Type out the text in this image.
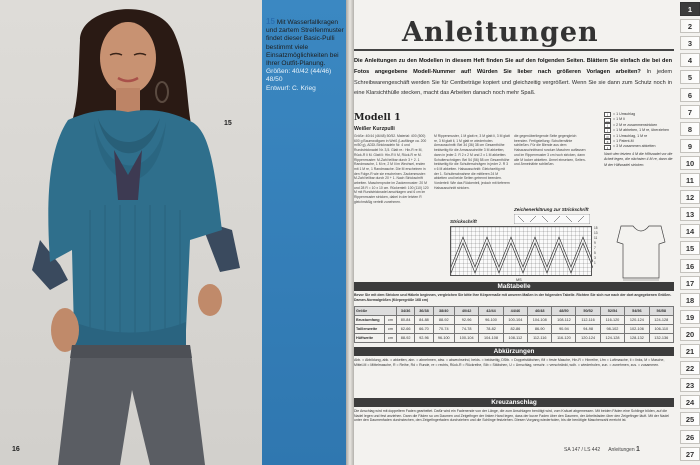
15 Mit Wasserfallkragen und zartem Streifenmuster findet dieser Basic-Pulli bestimmt viele Einsatzmöglichkeiten bei Ihrer Outfit-Planung.
Größen: 40/42 (44/46) 48/50
Entwurf: C. Krieg
15
16
Anleitungen
Die Anleitungen zu den Modellen in diesem Heft finden Sie auf den folgenden Seiten. Blättern Sie einfach die bei den Fotos angegebene Modell-Nummer auf! Würden Sie lieber nach größeren Vorlagen arbeiten? In jedem Schreibwarengeschäft werden Sie für Centbeträge kopiert und gleichzeitig vergrößert. Wenn Sie sie dann zum Schutz noch in eine Klarsichthülle stecken, macht das Arbeiten danach noch mehr Spaß.
Modell 1
Weißer Kurzpulli
Größe: 40/44 (46/48) 50/52. Material: 400 (500) 600 g Baumwollgarn in Weiß (Lauflänge ca. 200 m/50 g), ADDI-Stricknadeln Nr. 4 und Rundstricknadel Nr. 3,5. Glatt re.: Hin-R re M, Rück-R li M. Glatt li: Hin-R li M, Rück-R re M. Rippenmuster: M-Zahl teilbar durch 3 + 2. 1 Randmasche, 1 M re, 2 M li im Wechsel, enden mit 1 M re, 1 Randmasche. Die M erscheinen in den Folge-R wie sie erscheinen. Zackenmuster: M-Zahl teilbar durch 20 + 1. Nach Strickschrift arbeiten. Maschenprobe im Zackenmuster: 20 M und 28 R = 10 x 10 cm. Rückenteil: 100 (110) 120 M mit Rundstricknadel anschlagen und 6 cm im Rippenmuster stricken, dabei in der letzten R gleichmäßig verteilt zunehmen.
M Rippenmuster, 1 M glatt re, 3 M glatt li, 3 M glatt re, 3 M glatt li, 1 M glatt re wiederholen. Armausschnitt: Bei 34 (36) 38 cm Gesamthöhe beidseitig für die Armausschnitte 3 M abketten, dann in jeder 2. R 2 x 2 M und 2 x 1 M abketten. Schulterschrägen: Bei 54 (56) 58 cm Gesamthöhe beidseitig für die Schulterschrägen in jeder 2. R 3 x 6 M abketten. Halsausschnitt: Gleichzeitig mit der 1. Schulterabnahme die mittleren 24 M abketten und beide Seiten getrennt beenden. Vorderteil: Wie das Rückenteil, jedoch mit tieferem Halsausschnitt stricken.
die gegenüberliegende Seite gegengleich beenden. Fertigstellung: Schulternähte schließen. Für die Blende aus dem Halsausschnittrand rundum Maschen auffassen und im Rippenmuster 3 cm hoch stricken, dann alle M locker abketten. Ärmel einsetzen, Seiten- und Ärmelnähte schließen.
|	= 1 Umschlag
—	= 1 M li
/	= 2 M re zusammenstricken
\	= 1 M abheben, 1 M re, überziehen
o	= 1 Umschlag, 1 M re
x	= 1 Patent-M
•	= 3 M zusammen abketten
Nach den letzten 4 M die Hilfsnadel vor die Arbeit legen, die nächsten 4 M re, dann die M der Hilfsnadel stricken.
Zeichenerklärung zur Strickschrift
Strickschrift
15
13
11
9
7
5
3
1
MS
Maßtabelle
Bevor Sie mit dem Stricken und Häkeln beginnen, vergleichen Sie bitte Ihre Körpermaße mit unseren Maßen in der folgenden Tabelle. Richten Sie sich nur nach der dort angegebenen Größen. Damen-Normalgrößen (Körpergröße 168 cm)
Größe		34/36	36/38	38/40	40/42	42/44	44/46	46/48	48/50	50/52	52/54	54/56	56/58
Brustumfang	cm	80-84	84-88	88-92	92-96	96-100	100-104	104-108	108-112	112-116	116-120	120-124	124-128
Taillenweite	cm	62-66	66-70	70-74	74-78	78-82	82-86	86-90	90-94	94-98	98-102	102-106	106-110
Hüftweite	cm	88-92	92-96	96-100	100-104	104-108	108-112	112-116	116-120	120-124	124-128	128-132	132-136
Abkürzungen
Abb. = Abbildung, abk. = abketten, abn. = abnehmen, abw. = abwechselnd, beids. = beidseitig, DStb. = Doppelstäbchen, fM = feste Masche, Hin-R = Hinreihe, Lfm = Luftmasche, li = links, M = Masche, Mittel-M = Mittelmasche, R = Reihe, Rd = Runde, re = rechts, Rück-R = Rückreihe, Stb = Stäbchen, U = Umschlag, verschr. = verschränkt, wdh. = wiederholen, zun. = zunehmen, zus. = zusammen.
Kreuzanschlag
Die Anschlag wird mit doppeltem Faden gearbeitet. Dafür wird ein Fadenende von der Länge, die zum Anschlagen benötigt wird, vom Knäuel abgemessen. Mit beiden Fäden eine Schlinge bilden, auf die Nadel legen und fest anziehen. Dann die Fäden so um Daumen und Zeigefinger der linken Hand legen, dass der kurze Faden über den Daumen, der Arbeitsfaden über den Zeigefinger läuft. Mit der Nadel unter den Daumenfaden durchstechen, den Zeigefingerfaden durchziehen und die Schlinge festziehen. Diesen Vorgang wiederholen, bis die benötigte Maschenzahl erreicht ist.
SA 147 / LS 442 Anleitungen 1
1
2
3
4
5
6
7
8
9
10
11
12
13
14
15
16
17
18
19
20
21
22
23
24
25
26
27
